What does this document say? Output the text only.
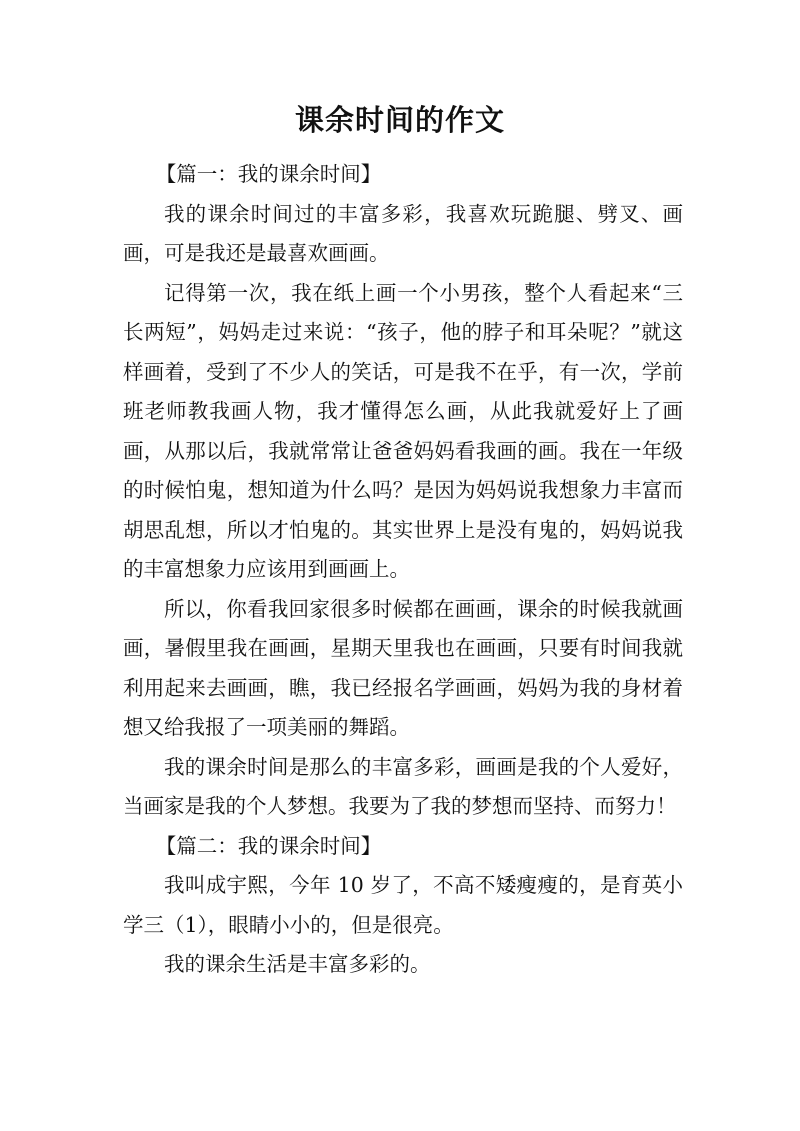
课余时间的作文

【篇一：我的课余时间】

我的课余时间过的丰富多彩，我喜欢玩跪腿、劈叉、画画，可是我还是最喜欢画画。

记得第一次，我在纸上画一个小男孩，整个人看起来“三长两短”，妈妈走过来说：“孩子，他的脖子和耳朵呢？”就这样画着，受到了不少人的笑话，可是我不在乎，有一次，学前班老师教我画人物，我才懂得怎么画，从此我就爱好上了画画，从那以后，我就常常让爸爸妈妈看我画的画。我在一年级的时候怕鬼，想知道为什么吗？是因为妈妈说我想象力丰富而胡思乱想，所以才怕鬼的。其实世界上是没有鬼的，妈妈说我的丰富想象力应该用到画画上。

所以，你看我回家很多时候都在画画，课余的时候我就画画，暑假里我在画画，星期天里我也在画画，只要有时间我就利用起来去画画，瞧，我已经报名学画画，妈妈为我的身材着想又给我报了一项美丽的舞蹈。

我的课余时间是那么的丰富多彩，画画是我的个人爱好，当画家是我的个人梦想。我要为了我的梦想而坚持、而努力！

【篇二：我的课余时间】

我叫成宇熙，今年 10 岁了，不高不矮瘦瘦的，是育英小学三（1），眼睛小小的，但是很亮。

我的课余生活是丰富多彩的。
